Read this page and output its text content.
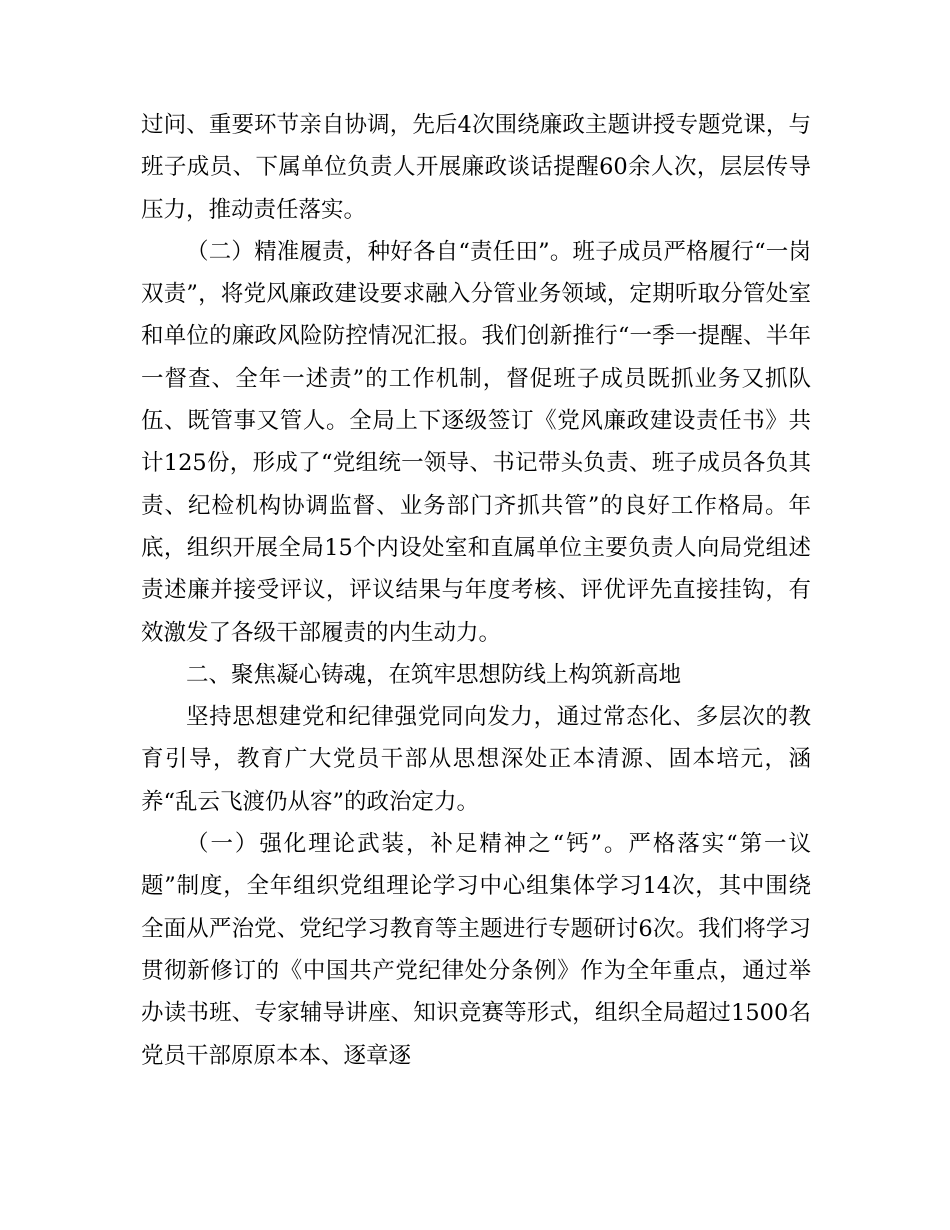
过问、重要环节亲自协调，先后4次围绕廉政主题讲授专题党课，与班子成员、下属单位负责人开展廉政谈话提醒60余人次，层层传导压力，推动责任落实。

（二）精准履责，种好各自“责任田”。班子成员严格履行“一岗双责”，将党风廉政建设要求融入分管业务领域，定期听取分管处室和单位的廉政风险防控情况汇报。我们创新推行“一季一提醒、半年一督查、全年一述责”的工作机制，督促班子成员既抓业务又抓队伍、既管事又管人。全局上下逐级签订《党风廉政建设责任书》共计125份，形成了“党组统一领导、书记带头负责、班子成员各负其责、纪检机构协调监督、业务部门齐抓共管”的良好工作格局。年底，组织开展全局15个内设处室和直属单位主要负责人向局党组述责述廉并接受评议，评议结果与年度考核、评优评先直接挂钩，有效激发了各级干部履责的内生动力。

二、聚焦凝心铸魂，在筑牢思想防线上构筑新高地

坚持思想建党和纪律强党同向发力，通过常态化、多层次的教育引导，教育广大党员干部从思想深处正本清源、固本培元，涵养“乱云飞渡仍从容”的政治定力。

（一）强化理论武装，补足精神之“钙”。严格落实“第一议题”制度，全年组织党组理论学习中心组集体学习14次，其中围绕全面从严治党、党纪学习教育等主题进行专题研讨6次。我们将学习贯彻新修订的《中国共产党纪律处分条例》作为全年重点，通过举办读书班、专家辅导讲座、知识竞赛等形式，组织全局超过1500名党员干部原原本本、逐章逐
